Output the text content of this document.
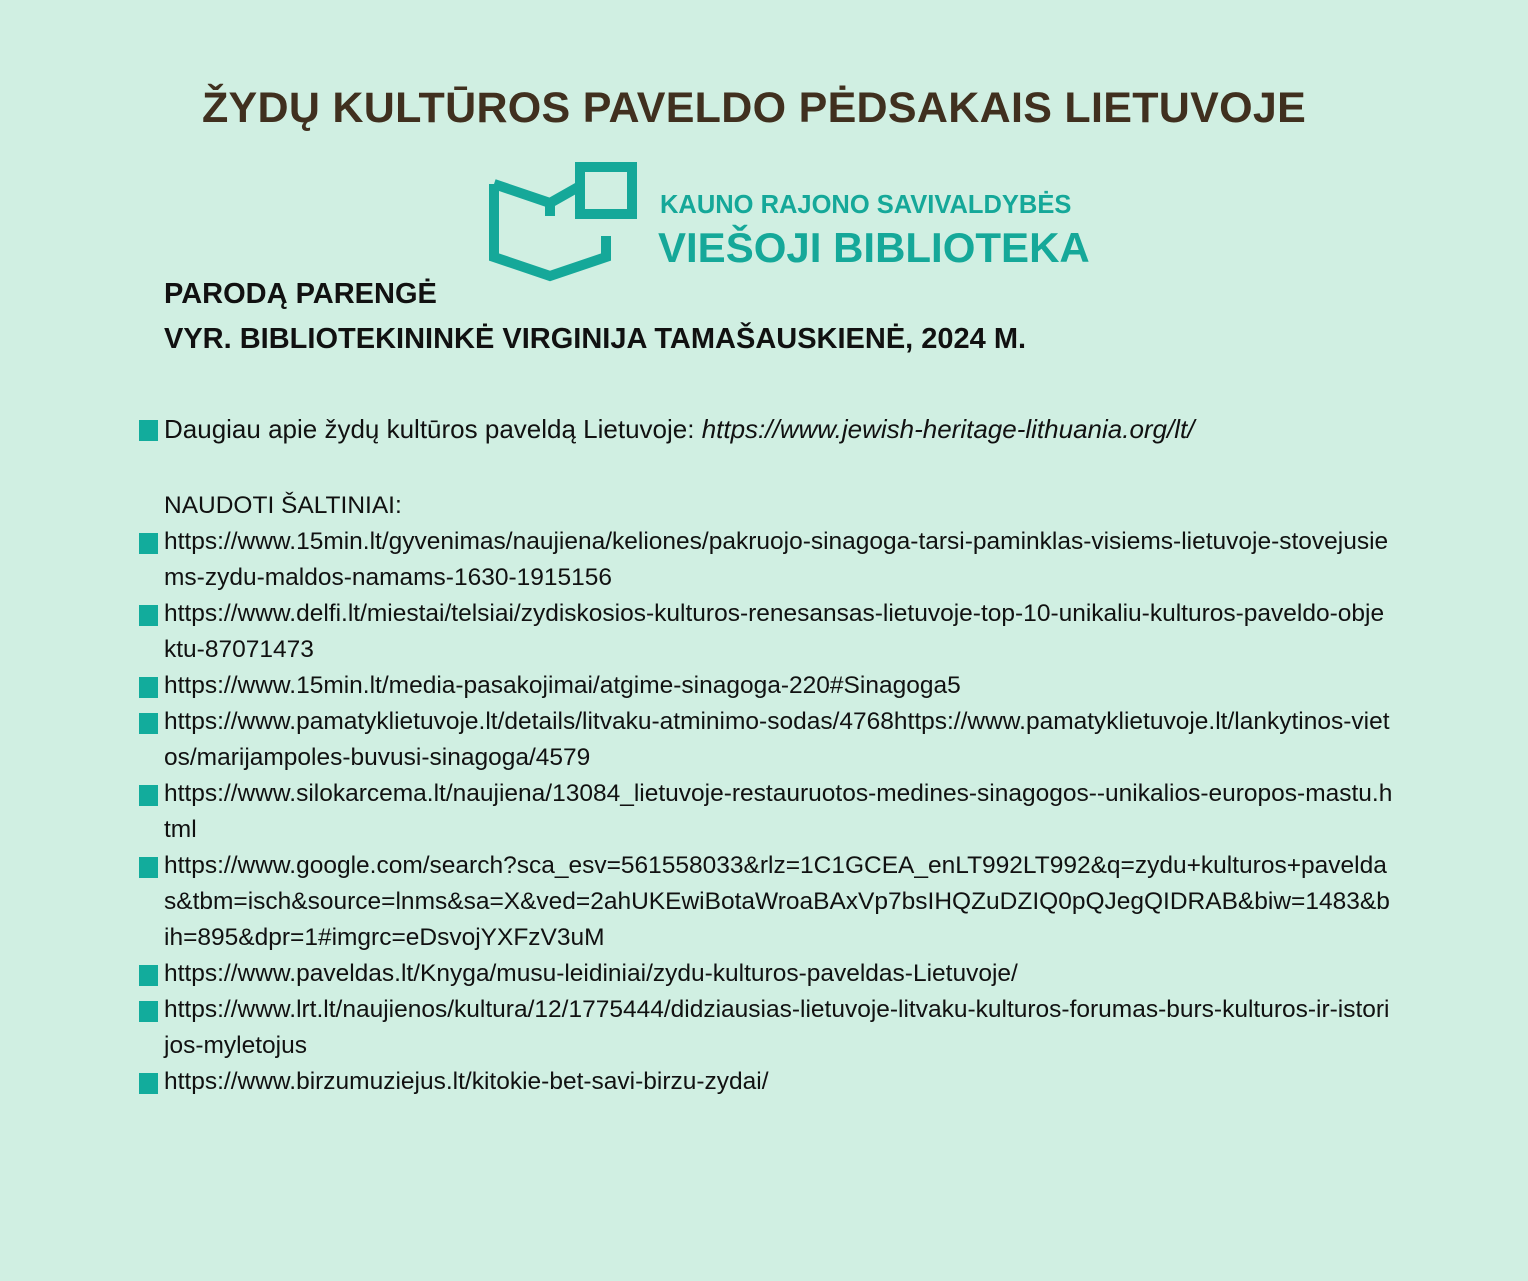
ŽYDŲ KULTŪROS PAVELDO PĖDSAKAIS LIETUVOJE
KAUNO RAJONO SAVIVALDYBĖS
VIEŠOJI BIBLIOTEKA
PARODĄ PARENGĖ
VYR. BIBLIOTEKININKĖ VIRGINIJA TAMAŠAUSKIENĖ, 2024 M.
Daugiau apie žydų kultūros paveldą Lietuvoje: https://www.jewish-heritage-lithuania.org/lt/
NAUDOTI ŠALTINIAI:
https://www.15min.lt/gyvenimas/naujiena/keliones/pakruojo-sinagoga-tarsi-paminklas-visiems-lietuvoje-stovejusiems-zydu-maldos-namams-1630-1915156
https://www.delfi.lt/miestai/telsiai/zydiskosios-kulturos-renesansas-lietuvoje-top-10-unikaliu-kulturos-paveldo-objektu-87071473
https://www.15min.lt/media-pasakojimai/atgime-sinagoga-220#Sinagoga5
https://www.pamatyklietuvoje.lt/details/litvaku-atminimo-sodas/4768https://www.pamatyklietuvoje.lt/lankytinos-vietos/marijampoles-buvusi-sinagoga/4579
https://www.silokarcema.lt/naujiena/13084_lietuvoje-restauruotos-medines-sinagogos--unikalios-europos-mastu.html
https://www.google.com/search?sca_esv=561558033&rlz=1C1GCEA_enLT992LT992&q=zydu+kulturos+paveldas&tbm=isch&source=lnms&sa=X&ved=2ahUKEwiBotaWroaBAxVp7bsIHQZuDZIQ0pQJegQIDRAB&biw=1483&bih=895&dpr=1#imgrc=eDsvojYXFzV3uM
https://www.paveldas.lt/Knyga/musu-leidiniai/zydu-kulturos-paveldas-Lietuvoje/
https://www.lrt.lt/naujienos/kultura/12/1775444/didziausias-lietuvoje-litvaku-kulturos-forumas-burs-kulturos-ir-istorijos-myletojus
https://www.birzumuziejus.lt/kitokie-bet-savi-birzu-zydai/
